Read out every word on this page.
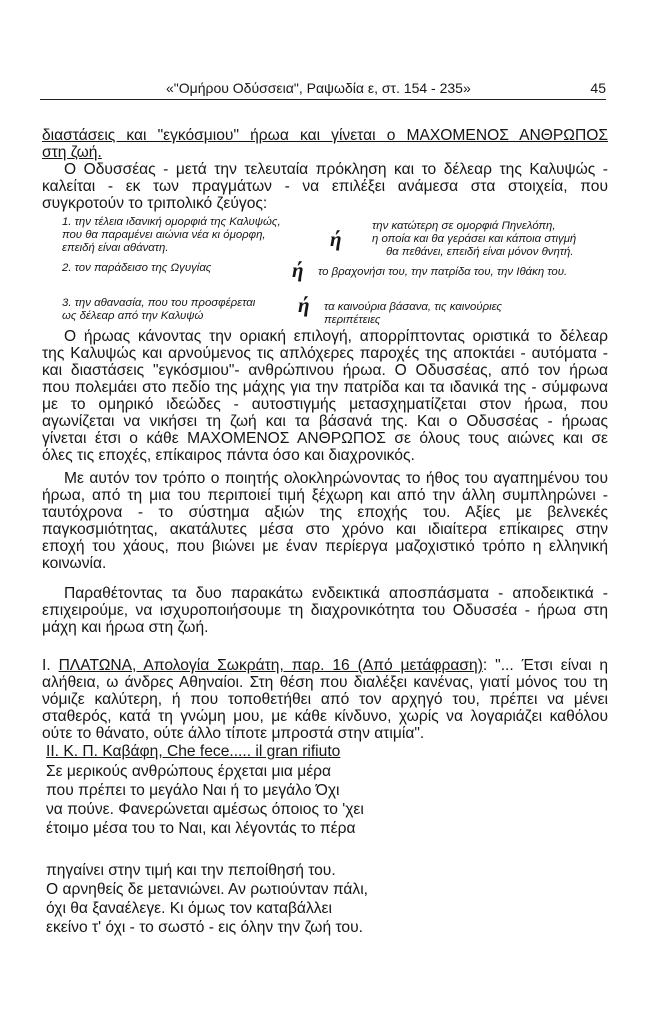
«"Ομήρου Οδύσσεια", Ραψωδία ε, στ. 154 - 235»	45
διαστάσεις και "εγκόσμιου" ήρωα και γίνεται ο ΜΑΧΟΜΕΝΟΣ ΑΝΘΡΩΠΟΣ
στη ζωή.
Ο Οδυσσέας - μετά την τελευταία πρόκληση και το δέλεαρ της Καλυψώς -
καλείται - εκ των πραγμάτων - να επιλέξει ανάμεσα στα στοιχεία, που
συγκροτούν το τριπολικό ζεύγος:
1. την τέλεια ιδανική ομορφιά της Καλυψώς,
που θα παραμένει αιώνια νέα κι όμορφη,
επειδή είναι αθάνατη.	ή
την κατώτερη σε ομορφιά Πηνελόπη,
η οποία και θα γεράσει και κάποια στιγμή
θα πεθάνει, επειδή είναι μόνον θνητή.
2. τον παράδεισο της Ωγυγίας	ή το βραχονήσι του, την πατρίδα του, την Ιθάκη του.
3. την αθανασία, που του προσφέρεται
ως δέλεαρ από την Καλυψώ	ή τα καινούρια βάσανα, τις καινούριες
περιπέτειες
Ο ήρωας κάνοντας την οριακή επιλογή, απορρίπτοντας οριστικά το δέλεαρ
της Καλυψώς και αρνούμενος τις απλόχερες παροχές της αποκτάει - αυτόματα -
και διαστάσεις "εγκόσμιου"- ανθρώπινου ήρωα. Ο Οδυσσέας, από τον ήρωα
που πολεμάει στο πεδίο της μάχης για την πατρίδα και τα ιδανικά της - σύμφωνα
με το ομηρικό ιδεώδες - αυτοστιγμής μετασχηματίζεται στον ήρωα, που
αγωνίζεται να νικήσει τη ζωή και τα βάσανά της. Και ο Οδυσσέας - ήρωας
γίνεται έτσι ο κάθε ΜΑΧΟΜΕΝΟΣ ΑΝΘΡΩΠΟΣ σε όλους τους αιώνες και σε
όλες τις εποχές, επίκαιρος πάντα όσο και διαχρονικός.
Με αυτόν τον τρόπο ο ποιητής ολοκληρώνοντας το ήθος του αγαπημένου του
ήρωα, από τη μια του περιποιεί τιμή ξέχωρη και από την άλλη συμπληρώνει -
ταυτόχρονα - το σύστημα αξιών της εποχής του. Αξίες με βελνεκές
παγκοσμιότητας, ακατάλυτες μέσα στο χρόνο και ιδιαίτερα επίκαιρες στην
εποχή του χάους, που βιώνει με έναν περίεργα μαζοχιστικό τρόπο η ελληνική
κοινωνία.
Παραθέτοντας τα δυο παρακάτω ενδεικτικά αποσπάσματα - αποδεικτικά -
επιχειρούμε, να ισχυροποιήσουμε τη διαχρονικότητα του Οδυσσέα - ήρωα στη
μάχη και ήρωα στη ζωή.
I. ΠΛΑΤΩΝΑ, Απολογία Σωκράτη, παρ. 16 (Από μετάφραση): "... Έτσι είναι η
αλήθεια, ω άνδρες Αθηναίοι. Στη θέση που διαλέξει κανένας, γιατί μόνος του τη
νόμιζε καλύτερη, ή που τοποθετήθει από τον αρχηγό του, πρέπει να μένει
σταθερός, κατά τη γνώμη μου, με κάθε κίνδυνο, χωρίς να λογαριάζει καθόλου
ούτε το θάνατο, ούτε άλλο τίποτε μπροστά στην ατιμία".
II. Κ. Π. Καβάφη, Che fece..... il gran rifiuto
Σε μερικούς ανθρώπους έρχεται μια μέρα
που πρέπει το μεγάλο Ναι ή το μεγάλο Όχι
να πούνε. Φανερώνεται αμέσως όποιος το 'χει
έτοιμο μέσα του το Ναι, και λέγοντάς το πέρα
πηγαίνει στην τιμή και την πεποίθησή του.
Ο αρνηθείς δε μετανιώνει. Αν ρωτιούνταν πάλι,
όχι θα ξαναέλεγε. Κι όμως τον καταβάλλει
εκείνο τ' όχι - το σωστό - εις όλην την ζωή του.
